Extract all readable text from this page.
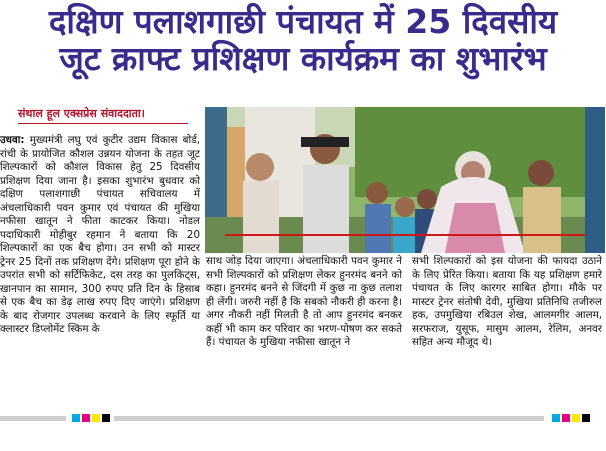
दक्षिण पलाशगाछी पंचायत में 25 दिवसीय
जूट क्राफ्ट प्रशिक्षण कार्यक्रम का शुभारंभ
संथाल हूल एक्सप्रेस संवाददाता।
उधवा: मुख्यमंत्री लघु एवं कुटीर उद्यम विकास बोर्ड, रांची के प्रायोजित कौशल उन्नयन योजना के तहत जूट शिल्पकारों को कौशल विकास हेतु 25 दिवसीय प्रशिक्षण दिया जाना है। इसका शुभारंभ बुधवार को दक्षिण पलाशगाछी पंचायत सचिवालय में अंचलाधिकारी पवन कुमार एवं पंचायत की मुखिया नफीसा खातून ने फीता काटकर किया। नोडल पदाधिकारी मोहीबुर रहमान ने बताया कि 20 शिल्पकारों का एक बैच होगा। उन सभी को मास्टर ट्रेनर 25 दिनों तक प्रशिक्षण देंगे। प्रशिक्षण पूरा होने के उपरांत सभी को सर्टिफिकेट, दस तरह का पुलकिट्स, खानपान का सामान, 300 रुपए प्रति दिन के हिसाब से एक बैच का डेढ़ लाख रुपए दिए जाएंगे। प्रशिक्षण के बाद रोजगार उपलब्ध करवाने के लिए स्फूर्ति या क्लास्टर डिप्लोमेंट स्किम के
साथ जोड़ दिया जाएगा। अंचलाधिकारी पवन कुमार ने सभी शिल्पकारों को प्रशिक्षण लेकर हुनरमंद बनने को कहा। हुनरमंद बनने से जिंदगी में कुछ ना कुछ तलाश ही लेंगी। जरुरी नहीं है कि सबको नौकरी ही करना है। अगर नौकरी नहीं मिलती है तो आप हुनरमंद बनकर कहीं भी काम कर परिवार का भरण-पोषण कर सकते हैं। पंचायत के मुखिया नफीसा खातून ने
सभी शिल्पकारों को इस योजना की फायदा उठाने के लिए प्रेरित किया। बताया कि यह प्रशिक्षण हमारे पंचायत के लिए कारगर साबित होगा। मौके पर मास्टर ट्रेनर संतोषी देवी, मुखिया प्रतिनिधि तजीरुल हक, उपमुखिया रबिउल शेख, आलमगीर आलम, सरफराज, युसूफ, मासुम आलम, रेलिम, अनवर सहित अन्य मौजूद थे।
